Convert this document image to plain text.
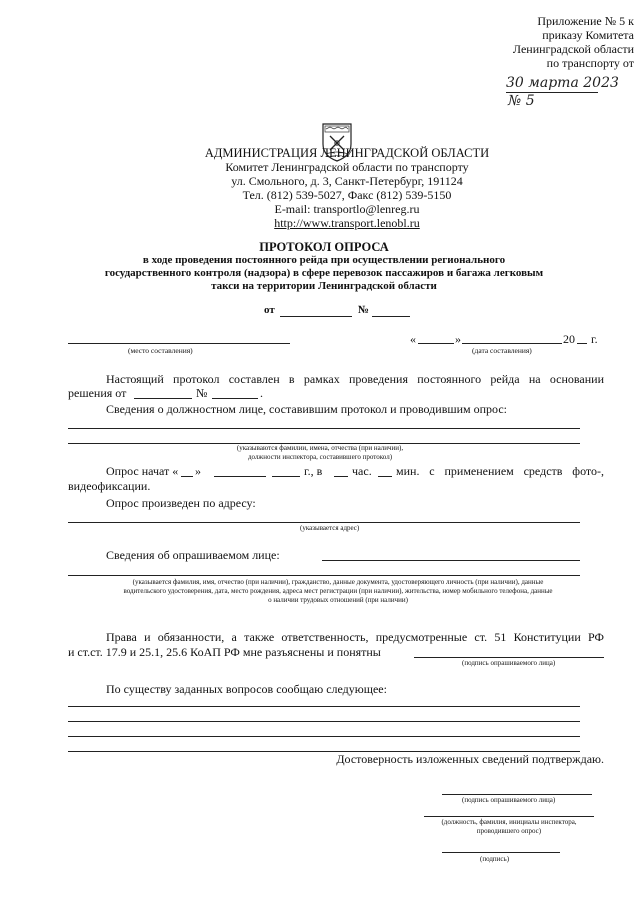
Приложение № 5 к
приказу Комитета
Ленинградской области
по транспорту от
30 марта 2023 № 5
АДМИНИСТРАЦИЯ ЛЕНИНГРАДСКОЙ ОБЛАСТИ
Комитет Ленинградской области по транспорту
ул. Смольного, д. 3, Санкт-Петербург, 191124
Тел. (812) 539-5027, Факс (812) 539-5150
E-mail: transportlo@lenreg.ru
http://www.transport.lenobl.ru
ПРОТОКОЛ ОПРОСА
в ходе проведения постоянного рейда при осуществлении регионального
государственного контроля (надзора) в сфере перевозок пассажиров и багажа легковым
такси на территории Ленинградской области
от	№
(место составления)
«	»	20 г.
(дата составления)
Настоящий протокол составлен в рамках проведения постоянного рейда на основании
решения от	№	.
Сведения о должностном лице, составившим протокол и проводившим опрос:
(указываются фамилии, имена, отчества (при наличии),
должности инспектора, составившего протокол)
Опрос начат «	»	г., в час. мин. с применением средств фото-,
видеофиксации.
Опрос произведен по адресу:
(указывается адрес)
Сведения об опрашиваемом лице:
(указывается фамилия, имя, отчество (при наличии), гражданство, данные документа, удостоверяющего личность (при наличии), данные
водительского удостоверения, дата, место рождения, адреса мест регистрации (при наличии), жительства, номер мобильного телефона, данные
о наличии трудовых отношений (при наличии)
Права и обязанности, а также ответственность, предусмотренные ст. 51 Конституции РФ
и ст.ст. 17.9 и 25.1, 25.6 КоАП РФ мне разъяснены и понятны
(подпись опрашиваемого лица)
По существу заданных вопросов сообщаю следующее:
Достоверность изложенных сведений подтверждаю.
(подпись опрашиваемого лица)
(должность, фамилия, инициалы инспектора,
проводившего опрос)
(подпись)
